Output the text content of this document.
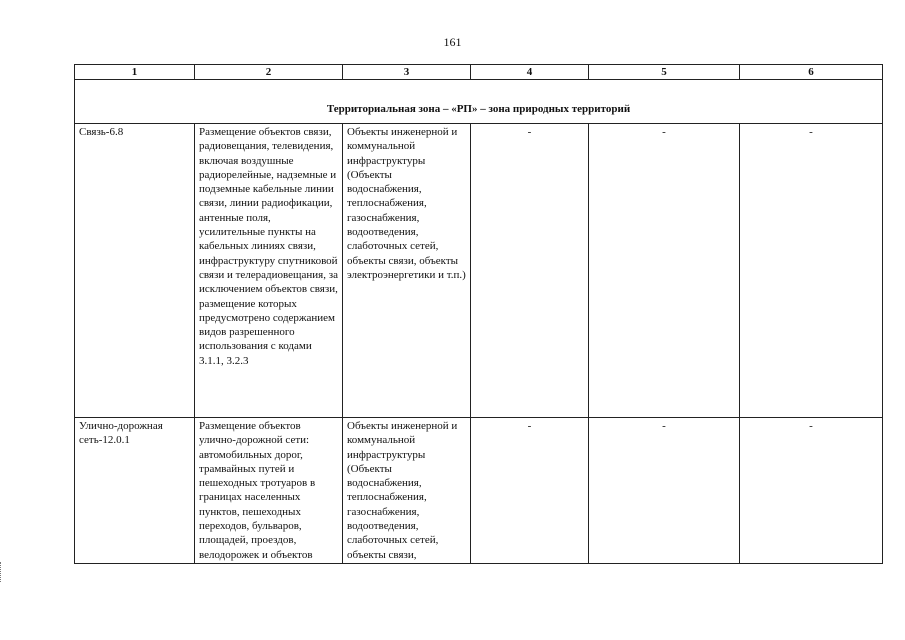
161
1	2	3	4	5	6
Территориальная зона – «РП» – зона природных территорий					
Связь-6.8	Размещение объектов связи, радиовещания, телевидения, включая воздушные радиорелейные, надземные и подземные кабельные линии связи, линии радиофикации, антенные поля, усилительные пункты на кабельных линиях связи, инфраструктуру спутниковой связи и телерадиовещания, за исключением объектов связи, размещение которых предусмотрено содержанием видов разрешенного использования с кодами 3.1.1, 3.2.3	Объекты инженерной и коммунальной инфраструктуры (Объекты водоснабжения, теплоснабжения, газоснабжения, водоотведения, слаботочных сетей, объекты связи, объекты электроэнергетики и т.п.)	-	-	-
Улично-дорожная сеть-12.0.1	Размещение объектов улично-дорожной сети: автомобильных дорог, трамвайных путей и пешеходных тротуаров в границах населенных пунктов, пешеходных переходов, бульваров, площадей, проездов, велодорожек и объектов	Объекты инженерной и коммунальной инфраструктуры (Объекты водоснабжения, теплоснабжения, газоснабжения, водоотведения, слаботочных сетей, объекты связи,	-	-	-
